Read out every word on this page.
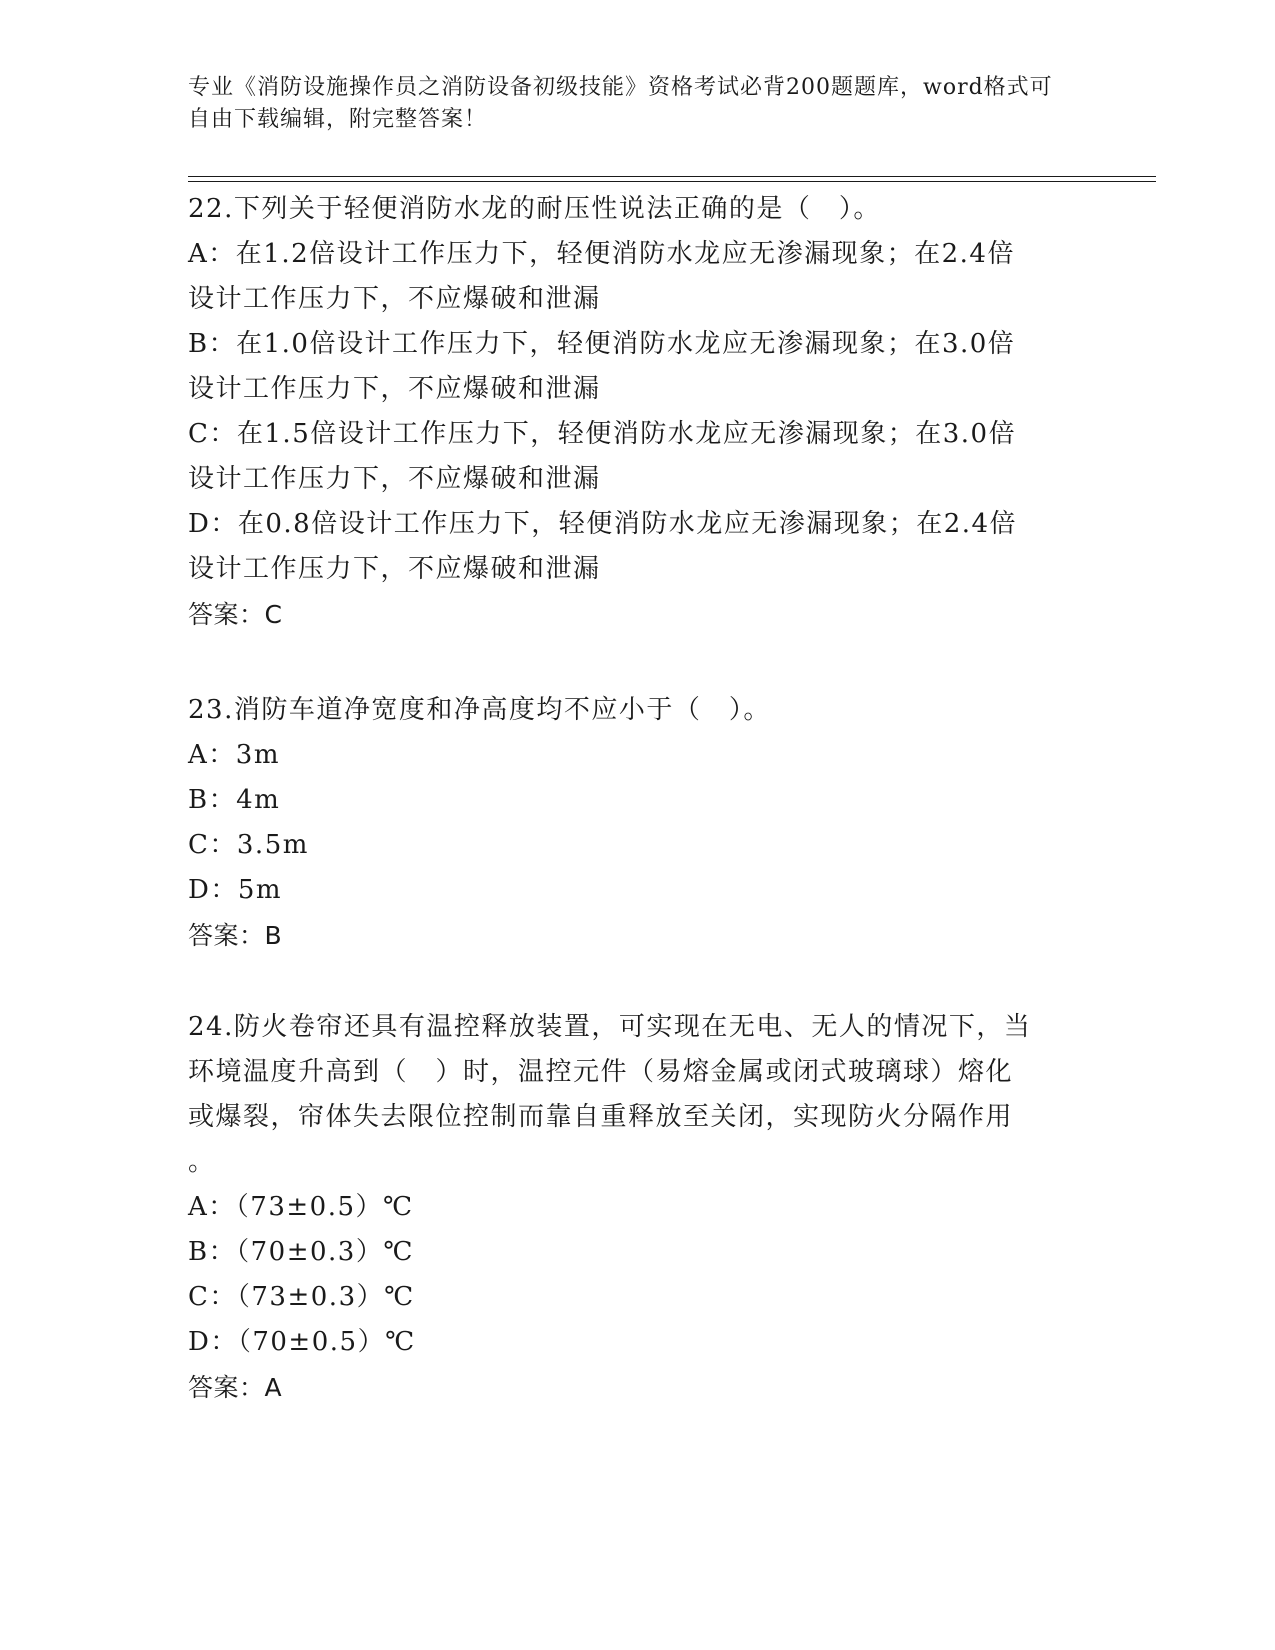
专业《消防设施操作员之消防设备初级技能》资格考试必背200题题库，word格式可自由下载编辑，附完整答案！
22.下列关于轻便消防水龙的耐压性说法正确的是（　）。
A：在1.2倍设计工作压力下，轻便消防水龙应无渗漏现象；在2.4倍
设计工作压力下，不应爆破和泄漏
B：在1.0倍设计工作压力下，轻便消防水龙应无渗漏现象；在3.0倍
设计工作压力下，不应爆破和泄漏
C：在1.5倍设计工作压力下，轻便消防水龙应无渗漏现象；在3.0倍
设计工作压力下，不应爆破和泄漏
D：在0.8倍设计工作压力下，轻便消防水龙应无渗漏现象；在2.4倍
设计工作压力下，不应爆破和泄漏
答案：C
23.消防车道净宽度和净高度均不应小于（　）。
A：3m
B：4m
C：3.5m
D：5m
答案：B
24.防火卷帘还具有温控释放装置，可实现在无电、无人的情况下，当
环境温度升高到（　）时，温控元件（易熔金属或闭式玻璃球）熔化
或爆裂，帘体失去限位控制而靠自重释放至关闭，实现防火分隔作用
。
A：（73±0.5）℃
B：（70±0.3）℃
C：（73±0.3）℃
D：（70±0.5）℃
答案：A
